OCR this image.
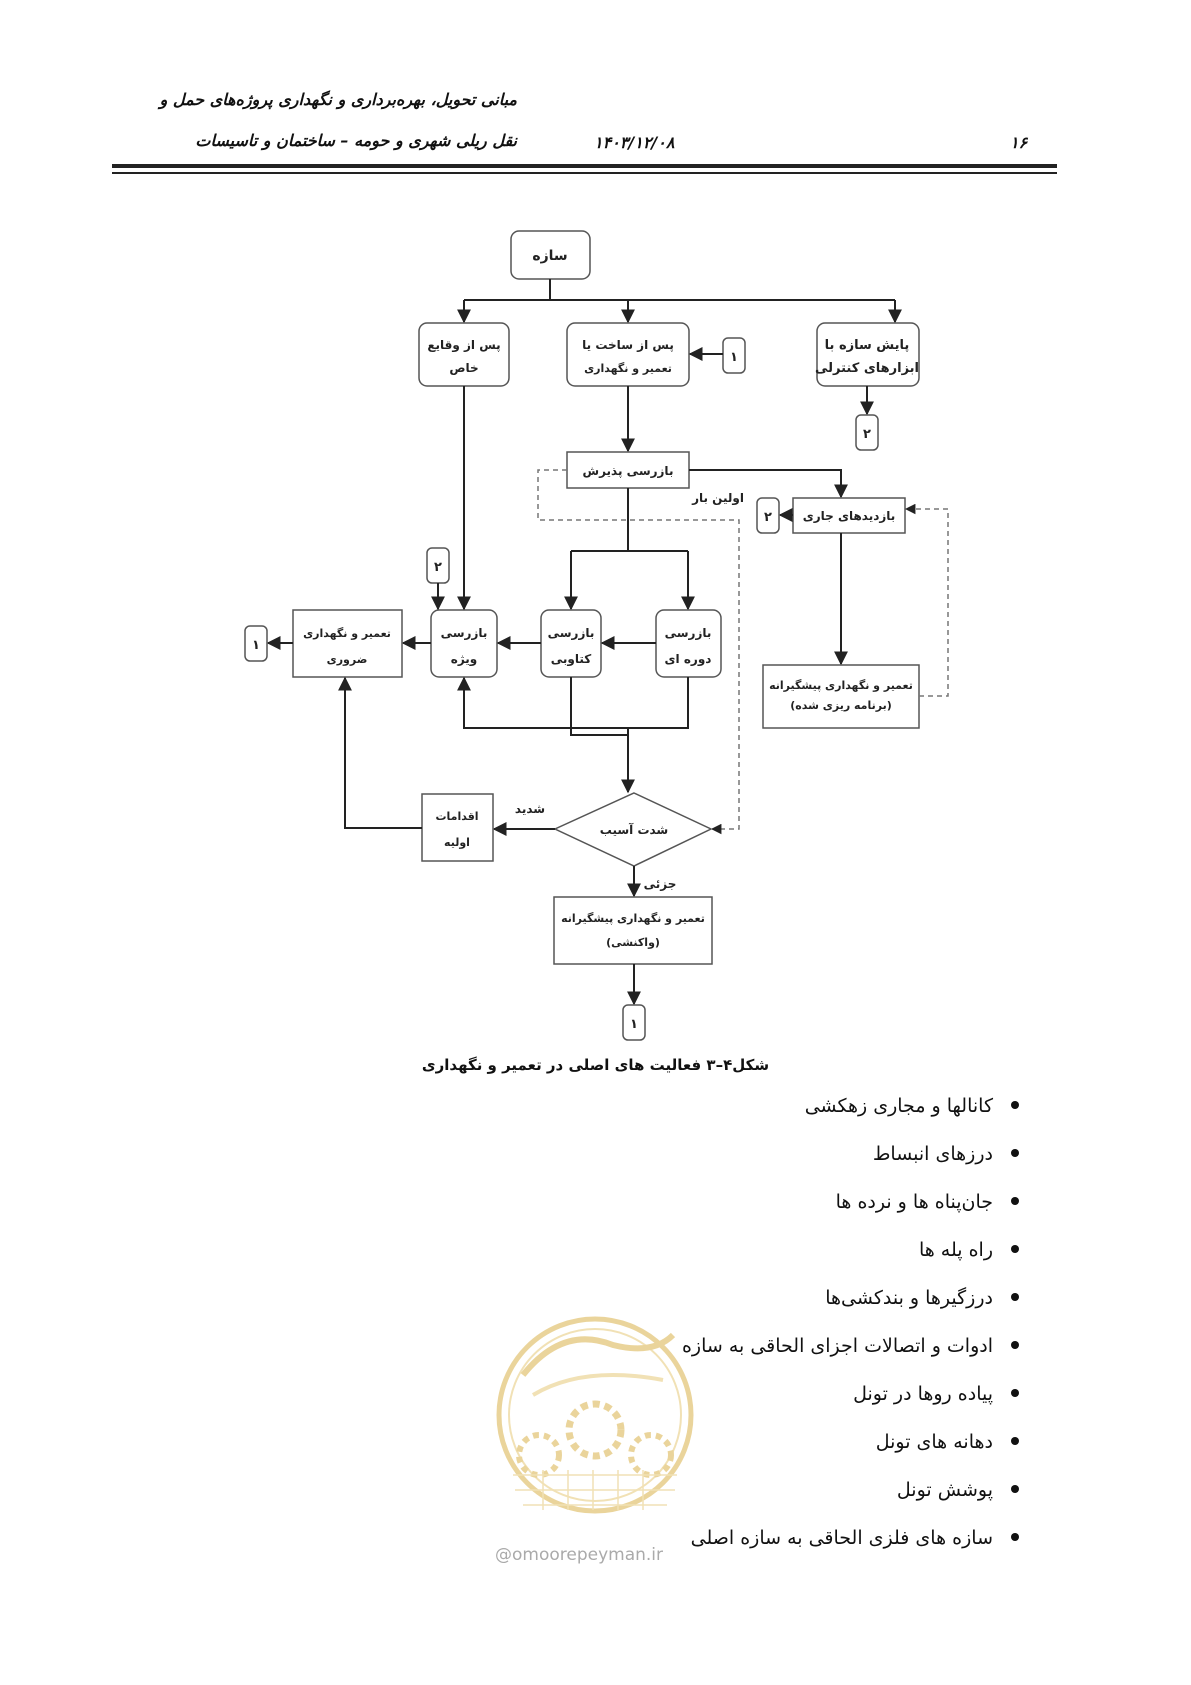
مبانی تحویل، بهره‌برداری و نگهداری پروژه‌های حمل و
نقل ریلی شهری و حومه – ساختمان و تاسیسات	۱۴۰۳/۱۲/۰۸	۱۶
سازه
پس از وقایع
خاص
پس از ساخت یا
تعمیر و نگهداری
پایش سازه با
ابزارهای کنترلی
۱
۲
بازرسی پذیرش
اولین بار
بازدیدهای جاری
۲
تعمیر و نگهداری پیشگیرانه
(برنامه ریزی شده)
بازرسی
ویژه
بازرسی
کتاوبی
بازرسی
دوره ای
۲
تعمیر و نگهداری
ضروری
۱
شدت آسیب
شدید
اقدامات
اولیه
جزئی
تعمیر و نگهداری پیشگیرانه
(واکنشی)
۱
شکل۴–۳ فعالیت های اصلی در تعمیر و نگهداری
@omoorepeyman.ir
کانالها و مجاری زهکشی
درزهای انبساط
جان‌پناه ها و نرده ها
راه پله ها
درزگیرها و بندکشی‌ها
ادوات و اتصالات اجزای الحاقی به سازه
پیاده روها در تونل
دهانه های تونل
پوشش تونل
سازه های فلزی الحاقی به سازه اصلی
